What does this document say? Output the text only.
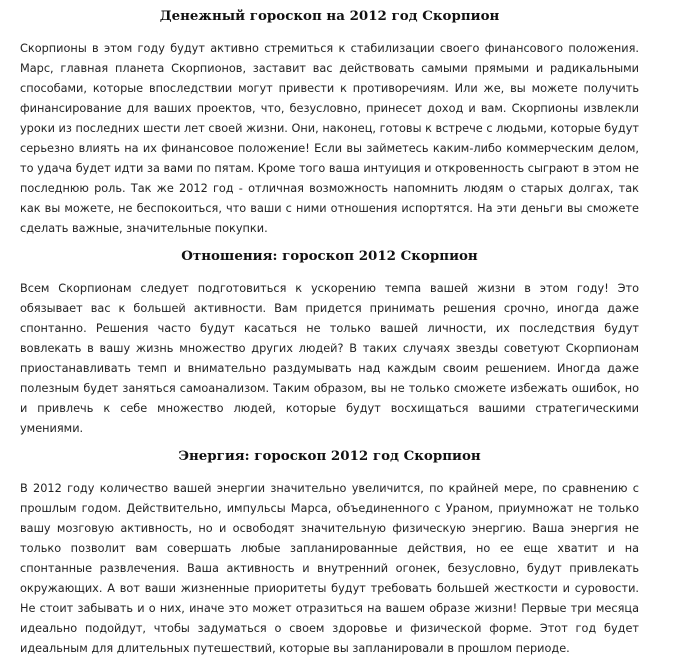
Денежный гороскоп на 2012 год Скорпион

Скорпионы в этом году будут активно стремиться к стабилизации своего финансового положения. Марс, главная планета Скорпионов, заставит вас действовать самыми прямыми и радикальными способами, которые впоследствии могут привести к противоречиям. Или же, вы можете получить финансирование для ваших проектов, что, безусловно, принесет доход и вам. Скорпионы извлекли уроки из последних шести лет своей жизни. Они, наконец, готовы к встрече с людьми, которые будут серьезно влиять на их финансовое положение! Если вы займетесь каким-либо коммерческим делом, то удача будет идти за вами по пятам. Кроме того ваша интуиция и откровенность сыграют в этом не последнюю роль. Так же 2012 год - отличная возможность напомнить людям о старых долгах, так как вы можете, не беспокоиться, что ваши с ними отношения испортятся. На эти деньги вы сможете сделать важные, значительные покупки.

Отношения: гороскоп 2012 Скорпион

Всем Скорпионам следует подготовиться к ускорению темпа вашей жизни в этом году! Это обязывает вас к большей активности. Вам придется принимать решения срочно, иногда даже спонтанно. Решения часто будут касаться не только вашей личности, их последствия будут вовлекать в вашу жизнь множество других людей? В таких случаях звезды советуют Скорпионам приостанавливать темп и внимательно раздумывать над каждым своим решением. Иногда даже полезным будет заняться самоанализом. Таким образом, вы не только сможете избежать ошибок, но и привлечь к себе множество людей, которые будут восхищаться вашими стратегическими умениями.

Энергия: гороскоп 2012 год Скорпион

В 2012 году количество вашей энергии значительно увеличится, по крайней мере, по сравнению с прошлым годом. Действительно, импульсы Марса, объединенного с Ураном, приумножат не только вашу мозговую активность, но и освободят значительную физическую энергию. Ваша энергия не только позволит вам совершать любые запланированные действия, но ее еще хватит и на спонтанные развлечения. Ваша активность и внутренний огонек, безусловно, будут привлекать окружающих. А вот ваши жизненные приоритеты будут требовать большей жесткости и суровости. Не стоит забывать и о них, иначе это может отразиться на вашем образе жизни! Первые три месяца идеально подойдут, чтобы задуматься о своем здоровье и физической форме. Этот год будет идеальным для длительных путешествий, которые вы запланировали в прошлом периоде.
